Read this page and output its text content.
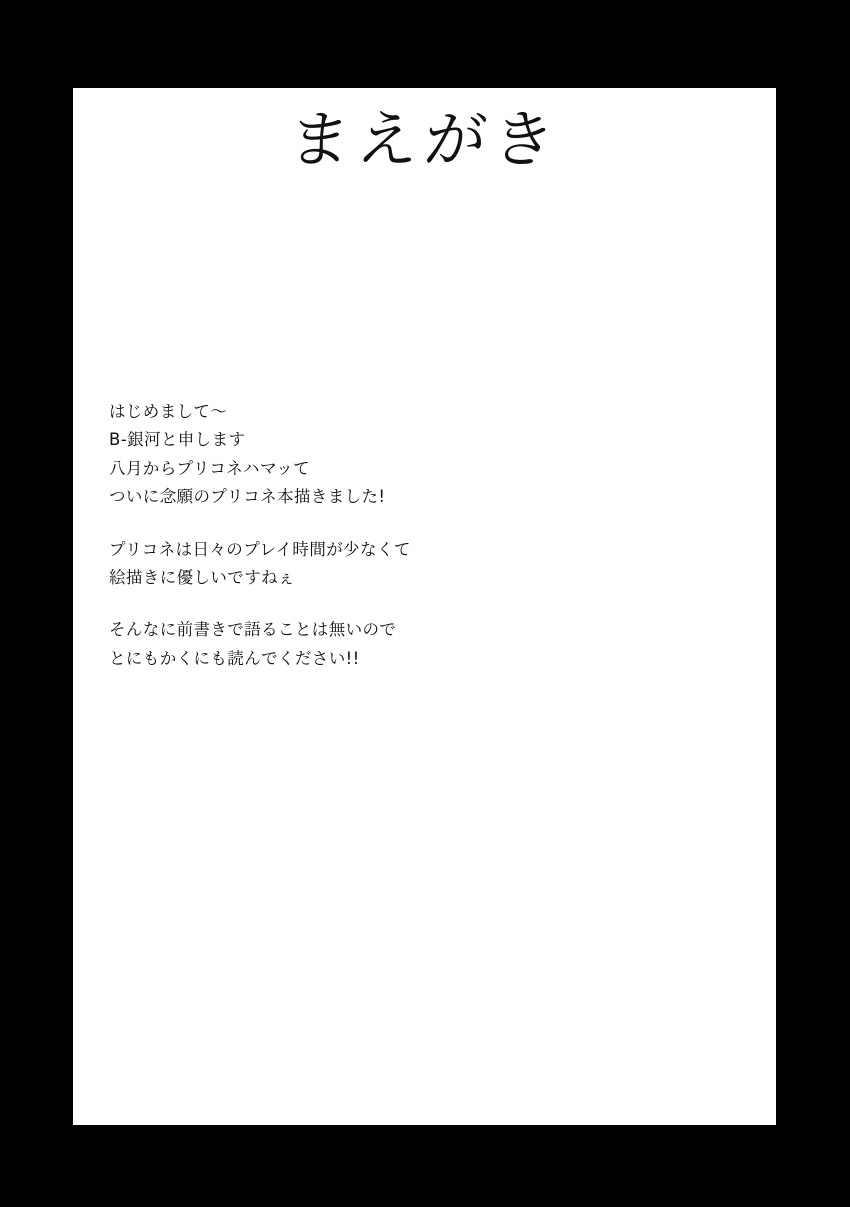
まえがき
はじめまして～
B-銀河と申します
八月からプリコネハマッて
ついに念願のプリコネ本描きました!
プリコネは日々のプレイ時間が少なくて
絵描きに優しいですねぇ
そんなに前書きで語ることは無いので
とにもかくにも読んでください!!
